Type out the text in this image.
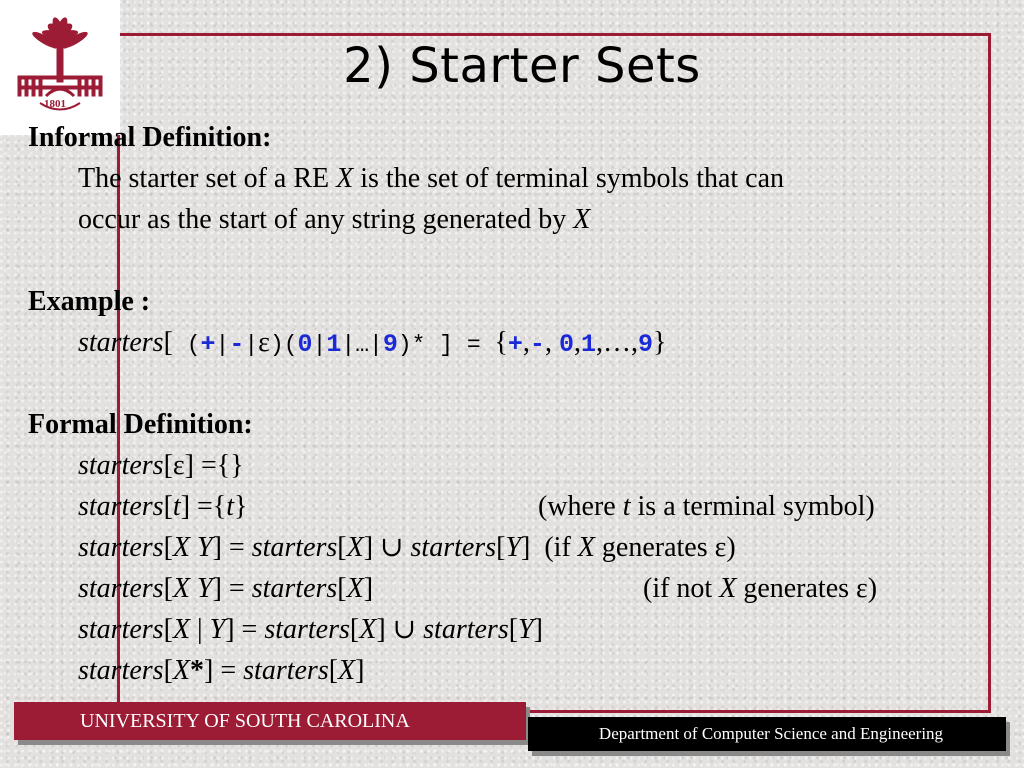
1801
2) Starter Sets
Informal Definition:
The starter set of a RE X is the set of terminal symbols that can
occur as the start of any string generated by X
Example :
starters[ (+|-|ε)(0|1|…|9)* ] = {+,-, 0,1,…,9}
Formal Definition:
starters[ε] ={}
starters[t] ={t}	(where t is a terminal symbol)
starters[X Y] = starters[X] ∪ starters[Y]  (if X generates ε)
starters[X Y] = starters[X]	(if not X generates ε)
starters[X | Y] = starters[X] ∪ starters[Y]
starters[X*] = starters[X]
UNIVERSITY OF SOUTH CAROLINA
Department of Computer Science and Engineering
